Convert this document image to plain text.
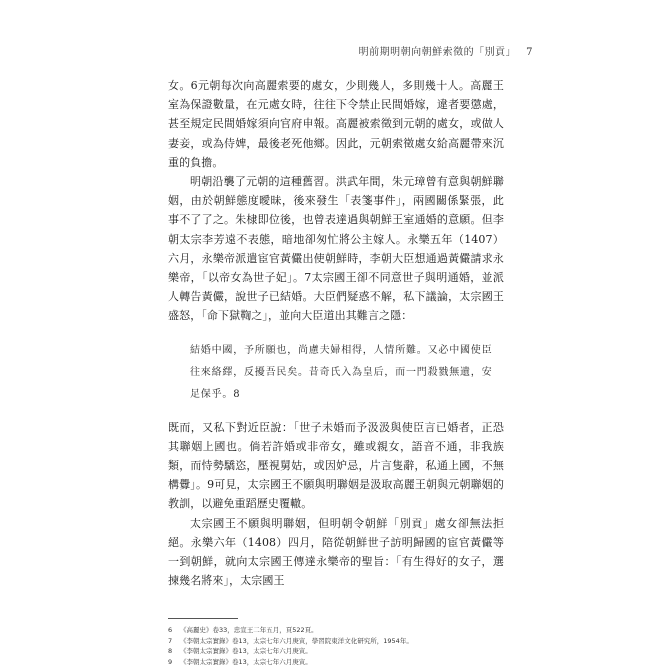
明前期明朝向朝鮮索徵的「別貢」 7

女。6元朝每次向高麗索要的處女，少則幾人，多則幾十人。高麗王室為保證數量，在元處女時，往往下令禁止民間婚嫁，違者要懲處，甚至規定民間婚嫁須向官府申報。高麗被索徵到元朝的處女，或做人妻妾，或為侍婢，最後老死他鄉。因此，元朝索徵處女給高麗帶來沉重的負擔。

明朝沿襲了元朝的這種舊習。洪武年間，朱元璋曾有意與朝鮮聯姻，由於朝鮮態度曖昧，後來發生「表箋事件」，兩國關係緊張，此事不了了之。朱棣即位後，也曾表達過與朝鮮王室通婚的意願。但李朝太宗李芳遠不表態，暗地卻匆忙將公主嫁人。永樂五年（1407）六月，永樂帝派遣宦官黃儼出使朝鮮時，李朝大臣想通過黃儼請求永樂帝，「以帝女為世子妃」。7太宗國王卻不同意世子與明通婚，並派人轉告黃儼，說世子已結婚。大臣們疑惑不解，私下議論，太宗國王盛怒，「命下獄鞫之」，並向大臣道出其難言之隱：

結婚中國，予所願也，尚慮夫婦相得，人情所難。又必中國使臣往來絡繹，反擾吾民矣。昔奇氏入為皇后，而一門殺戮無遺，安足保乎。8

既而，又私下對近臣說：「世子未婚而予汲汲與使臣言已婚者，正恐其聯姻上國也。倘若許婚或非帝女，雖或親女，語音不通，非我族類，而恃勢驕恣，壓視舅姑，或因妒忌，片言隻辭，私通上國，不無構釁」。9可見，太宗國王不願與明聯姻是汲取高麗王朝與元朝聯姻的教訓，以避免重蹈歷史覆轍。

太宗國王不願與明聯姻，但明朝令朝鮮「別貢」處女卻無法拒絕。永樂六年（1408）四月，陪從朝鮮世子訪明歸國的宦官黃儼等一到朝鮮，就向太宗國王傳達永樂帝的聖旨：「有生得好的女子，選揀幾名將來」，太宗國王

6 《高麗史》卷33，忠宣王二年五月，頁522頁。
7 《李朝太宗實錄》卷13，太宗七年六月庚寅，學習院東洋文化研究所，1954年。
8 《李朝太宗實錄》卷13，太宗七年六月庚寅。
9 《李朝太宗實錄》卷13，太宗七年六月庚寅。
